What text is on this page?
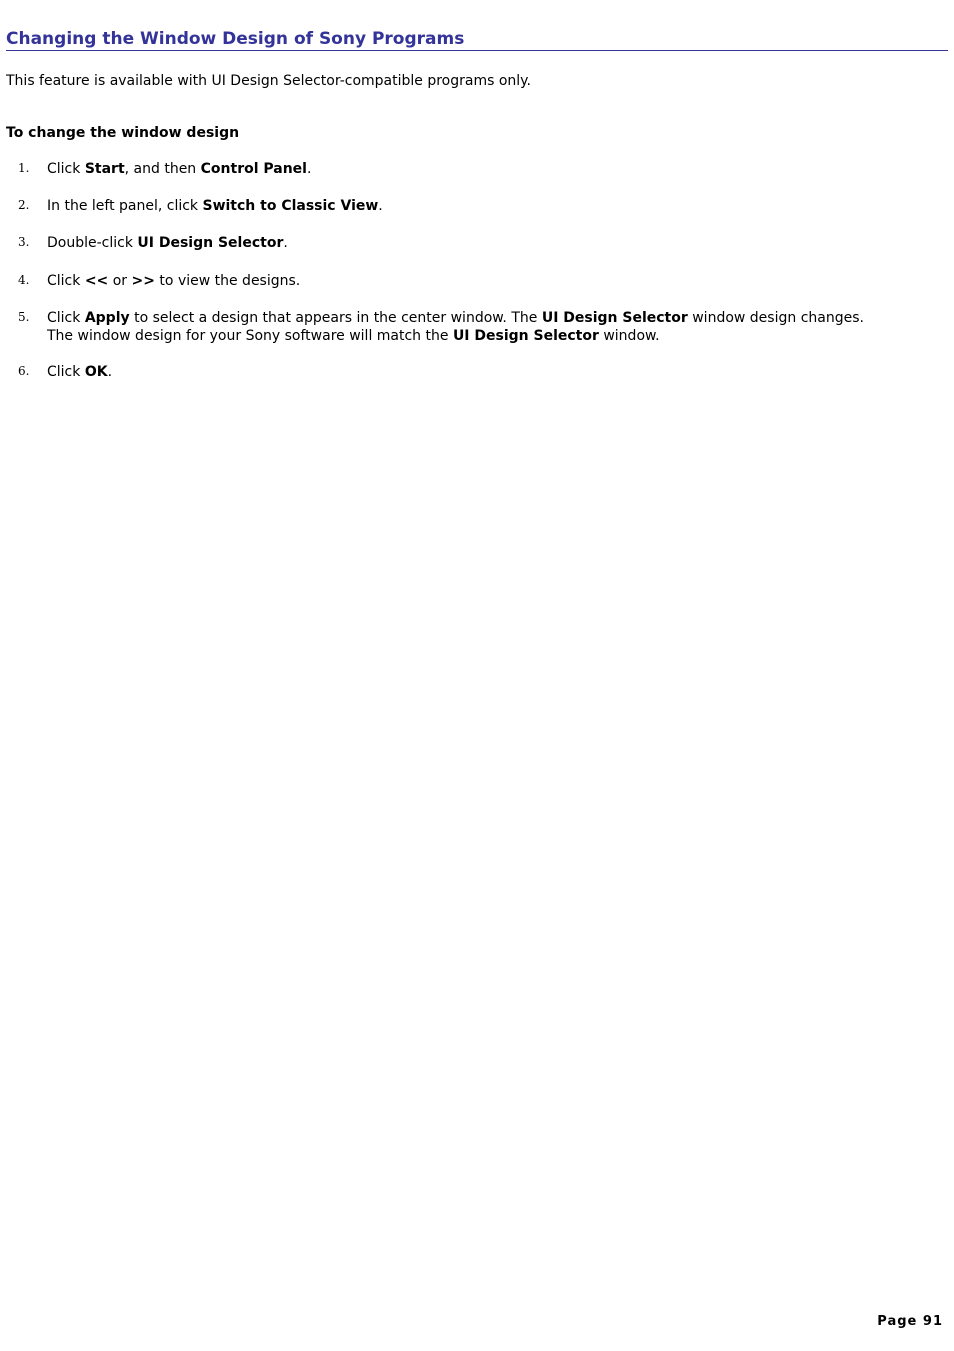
Changing the Window Design of Sony Programs

This feature is available with UI Design Selector-compatible programs only.

To change the window design

1. Click Start, and then Control Panel.
2. In the left panel, click Switch to Classic View.
3. Double-click UI Design Selector.
4. Click << or >> to view the designs.
5. Click Apply to select a design that appears in the center window. The UI Design Selector window design changes. The window design for your Sony software will match the UI Design Selector window.
6. Click OK.
Page 91
